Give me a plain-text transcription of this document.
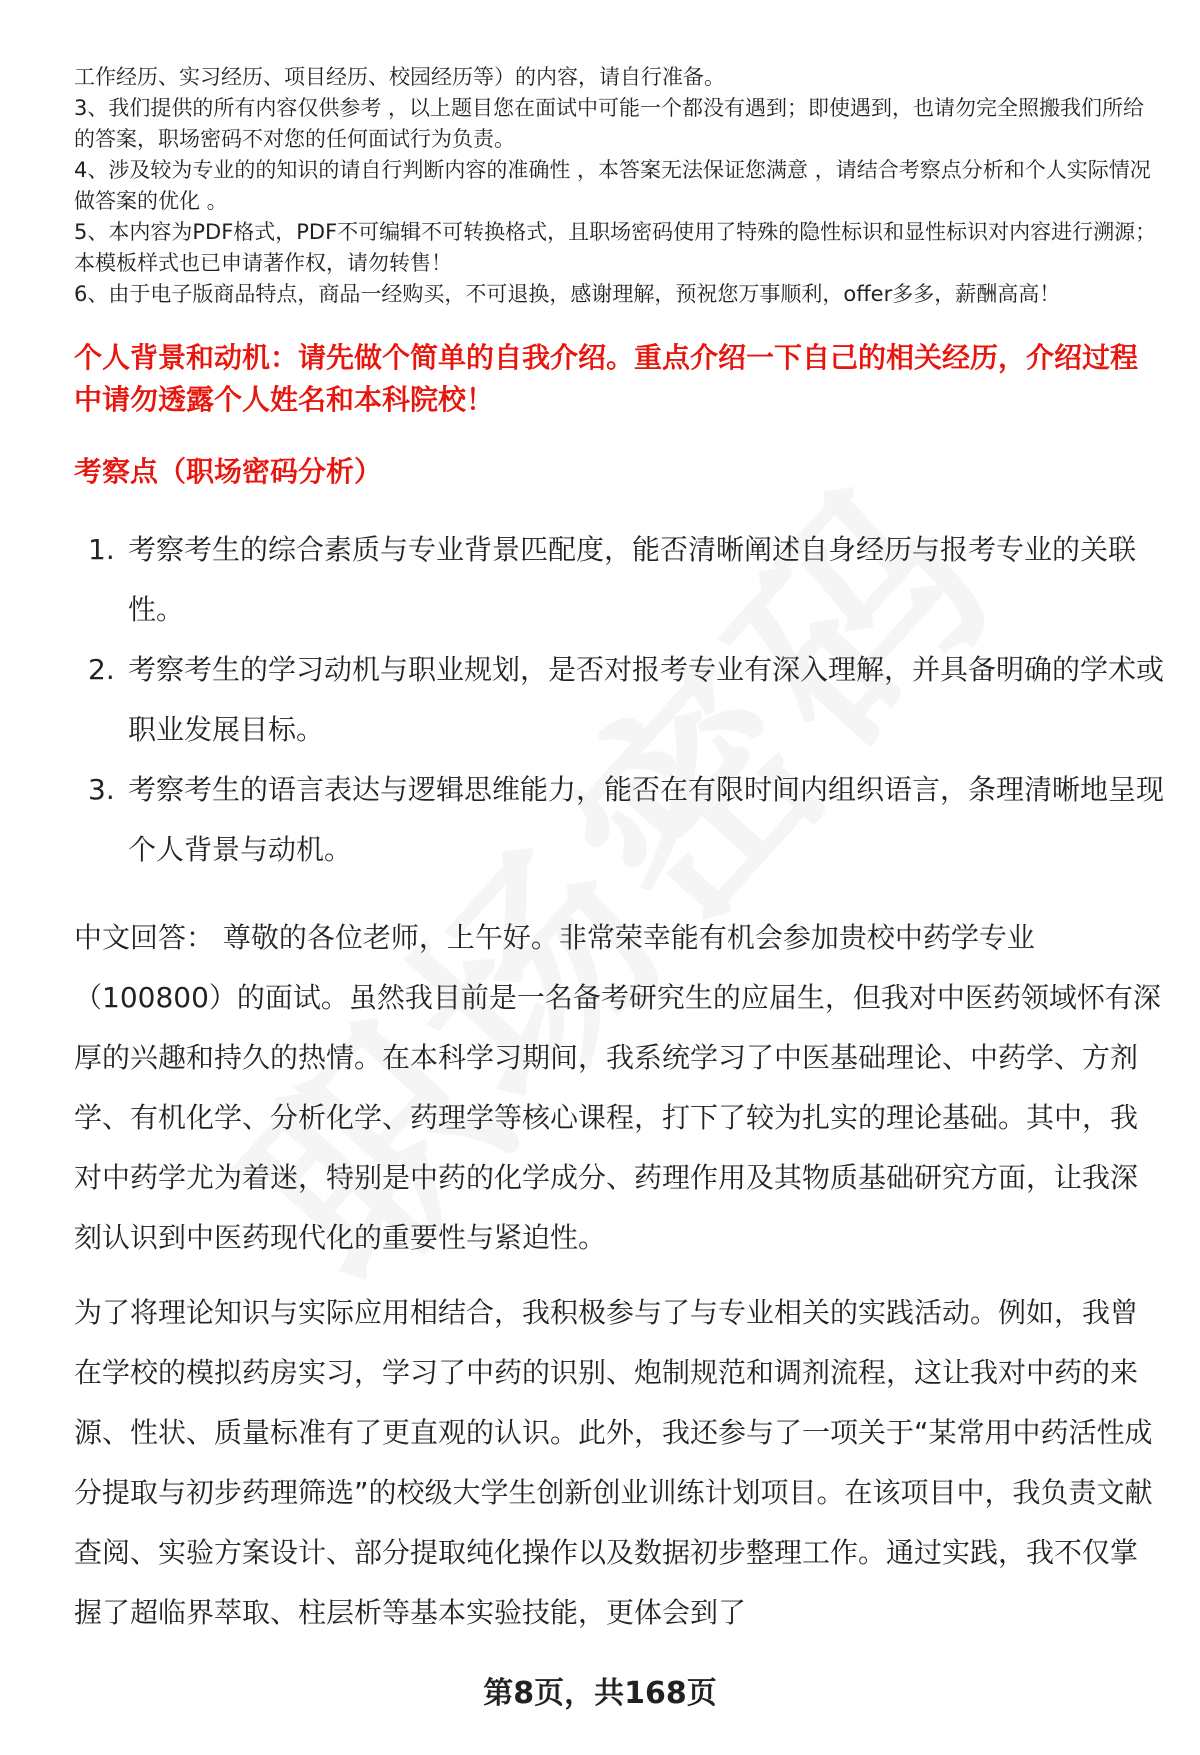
工作经历、实习经历、项目经历、校园经历等）的内容，请自行准备。

3、我们提供的所有内容仅供参考 ，以上题目您在面试中可能一个都没有遇到；即使遇到，也请勿完全照搬我们所给的答案，职场密码不对您的任何面试行为负责。

4、涉及较为专业的的知识的请自行判断内容的准确性 ，本答案无法保证您满意 ，请结合考察点分析和个人实际情况做答案的优化 。

5、本内容为PDF格式，PDF不可编辑不可转换格式，且职场密码使用了特殊的隐性标识和显性标识对内容进行溯源；本模板样式也已申请著作权，请勿转售！

6、由于电子版商品特点，商品一经购买，不可退换，感谢理解，预祝您万事顺利，offer多多，薪酬高高！

个人背景和动机：请先做个简单的自我介绍。重点介绍一下自己的相关经历，介绍过程中请勿透露个人姓名和本科院校！

考察点（职场密码分析）

1. 考察考生的综合素质与专业背景匹配度，能否清晰阐述自身经历与报考专业的关联性。
2. 考察考生的学习动机与职业规划，是否对报考专业有深入理解，并具备明确的学术或职业发展目标。
3. 考察考生的语言表达与逻辑思维能力，能否在有限时间内组织语言，条理清晰地呈现个人背景与动机。

中文回答： 尊敬的各位老师，上午好。非常荣幸能有机会参加贵校中药学专业（100800）的面试。虽然我目前是一名备考研究生的应届生，但我对中医药领域怀有深厚的兴趣和持久的热情。在本科学习期间，我系统学习了中医基础理论、中药学、方剂学、有机化学、分析化学、药理学等核心课程，打下了较为扎实的理论基础。其中，我对中药学尤为着迷，特别是中药的化学成分、药理作用及其物质基础研究方面，让我深刻认识到中医药现代化的重要性与紧迫性。

为了将理论知识与实际应用相结合，我积极参与了与专业相关的实践活动。例如，我曾在学校的模拟药房实习，学习了中药的识别、炮制规范和调剂流程，这让我对中药的来源、性状、质量标准有了更直观的认识。此外，我还参与了一项关于“某常用中药活性成分提取与初步药理筛选”的校级大学生创新创业训练计划项目。在该项目中，我负责文献查阅、实验方案设计、部分提取纯化操作以及数据初步整理工作。通过实践，我不仅掌握了超临界萃取、柱层析等基本实验技能，更体会到了

第8页，共168页
